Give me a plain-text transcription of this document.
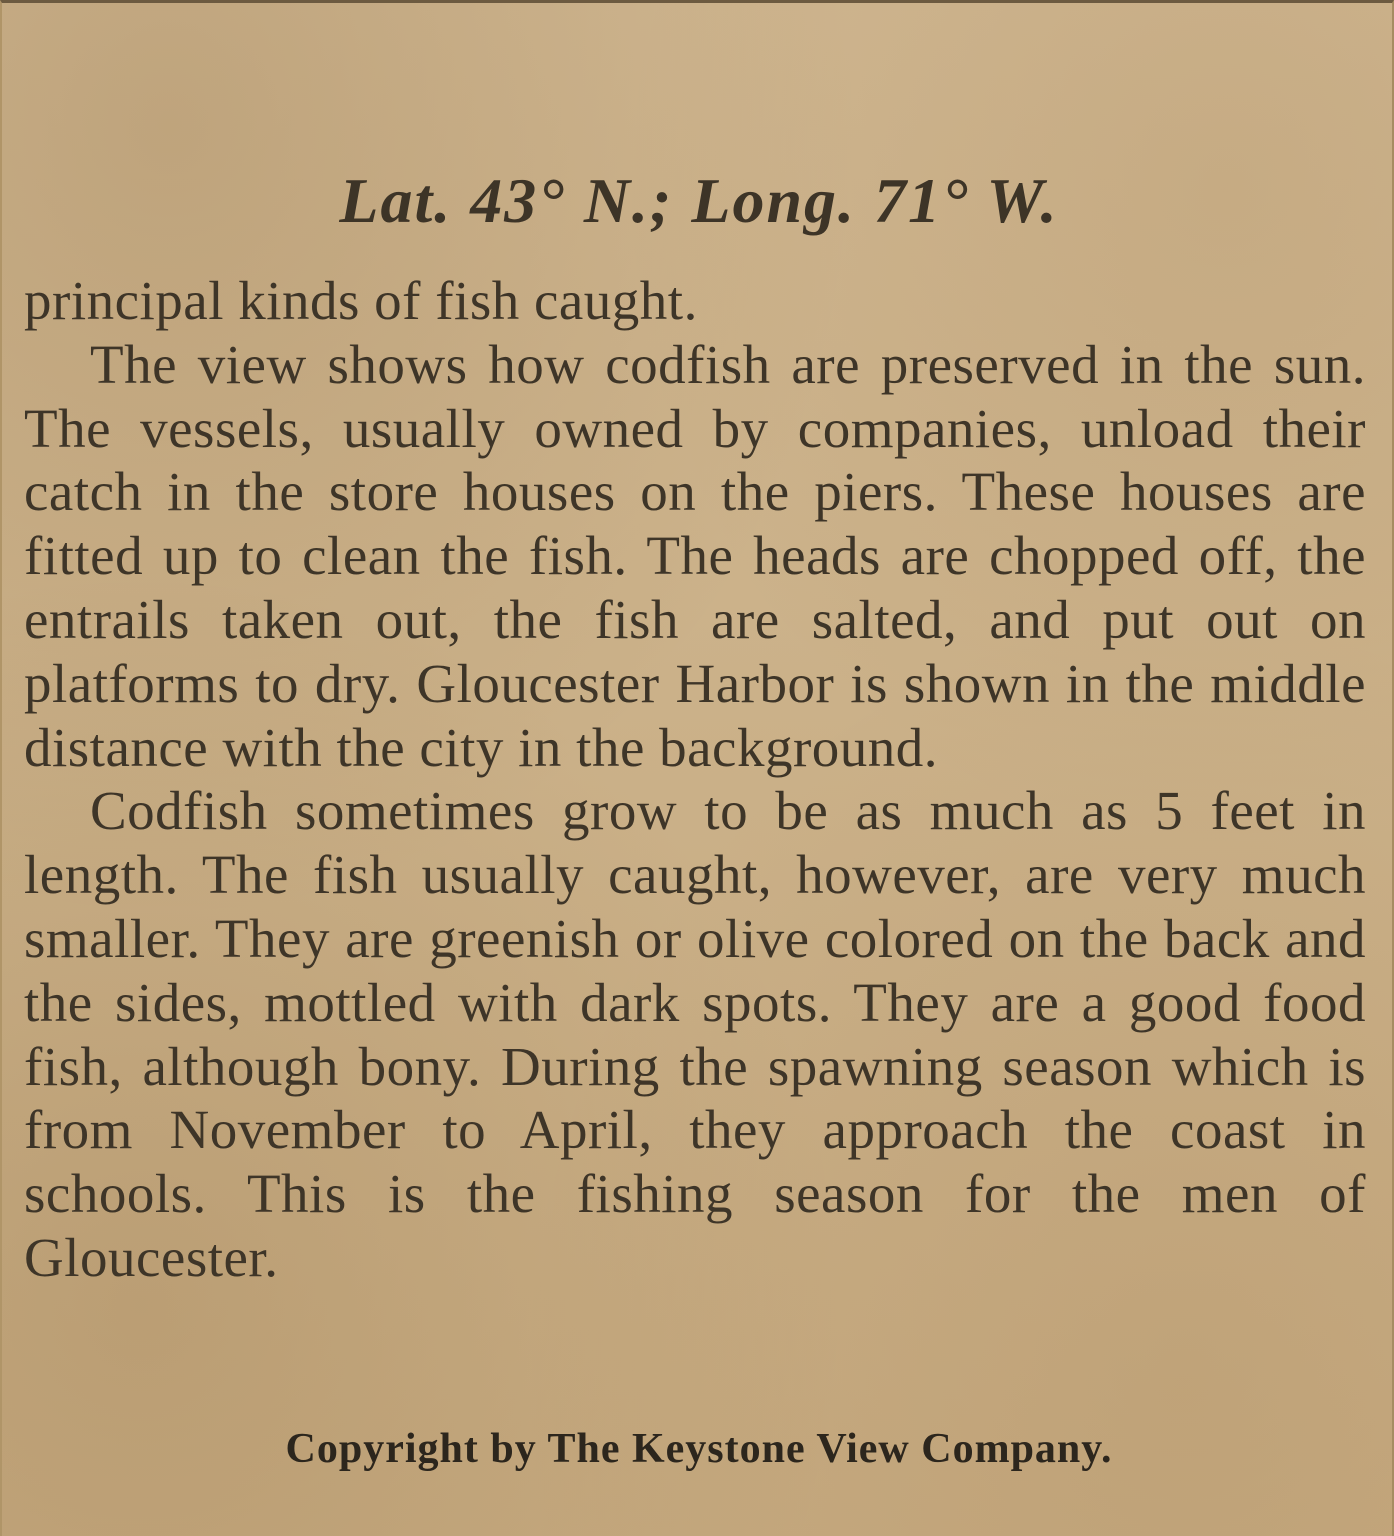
Lat. 43° N.; Long. 71° W.

principal kinds of fish caught.

The view shows how codfish are preserved in the sun. The vessels, usually owned by companies, unload their catch in the store houses on the piers. These houses are fitted up to clean the fish. The heads are chopped off, the entrails taken out, the fish are salted, and put out on platforms to dry. Gloucester Harbor is shown in the middle distance with the city in the background.

Codfish sometimes grow to be as much as 5 feet in length. The fish usually caught, however, are very much smaller. They are greenish or olive colored on the back and the sides, mottled with dark spots. They are a good food fish, although bony. During the spawning season which is from November to April, they approach the coast in schools. This is the fishing season for the men of Gloucester.

Copyright by The Keystone View Company.
